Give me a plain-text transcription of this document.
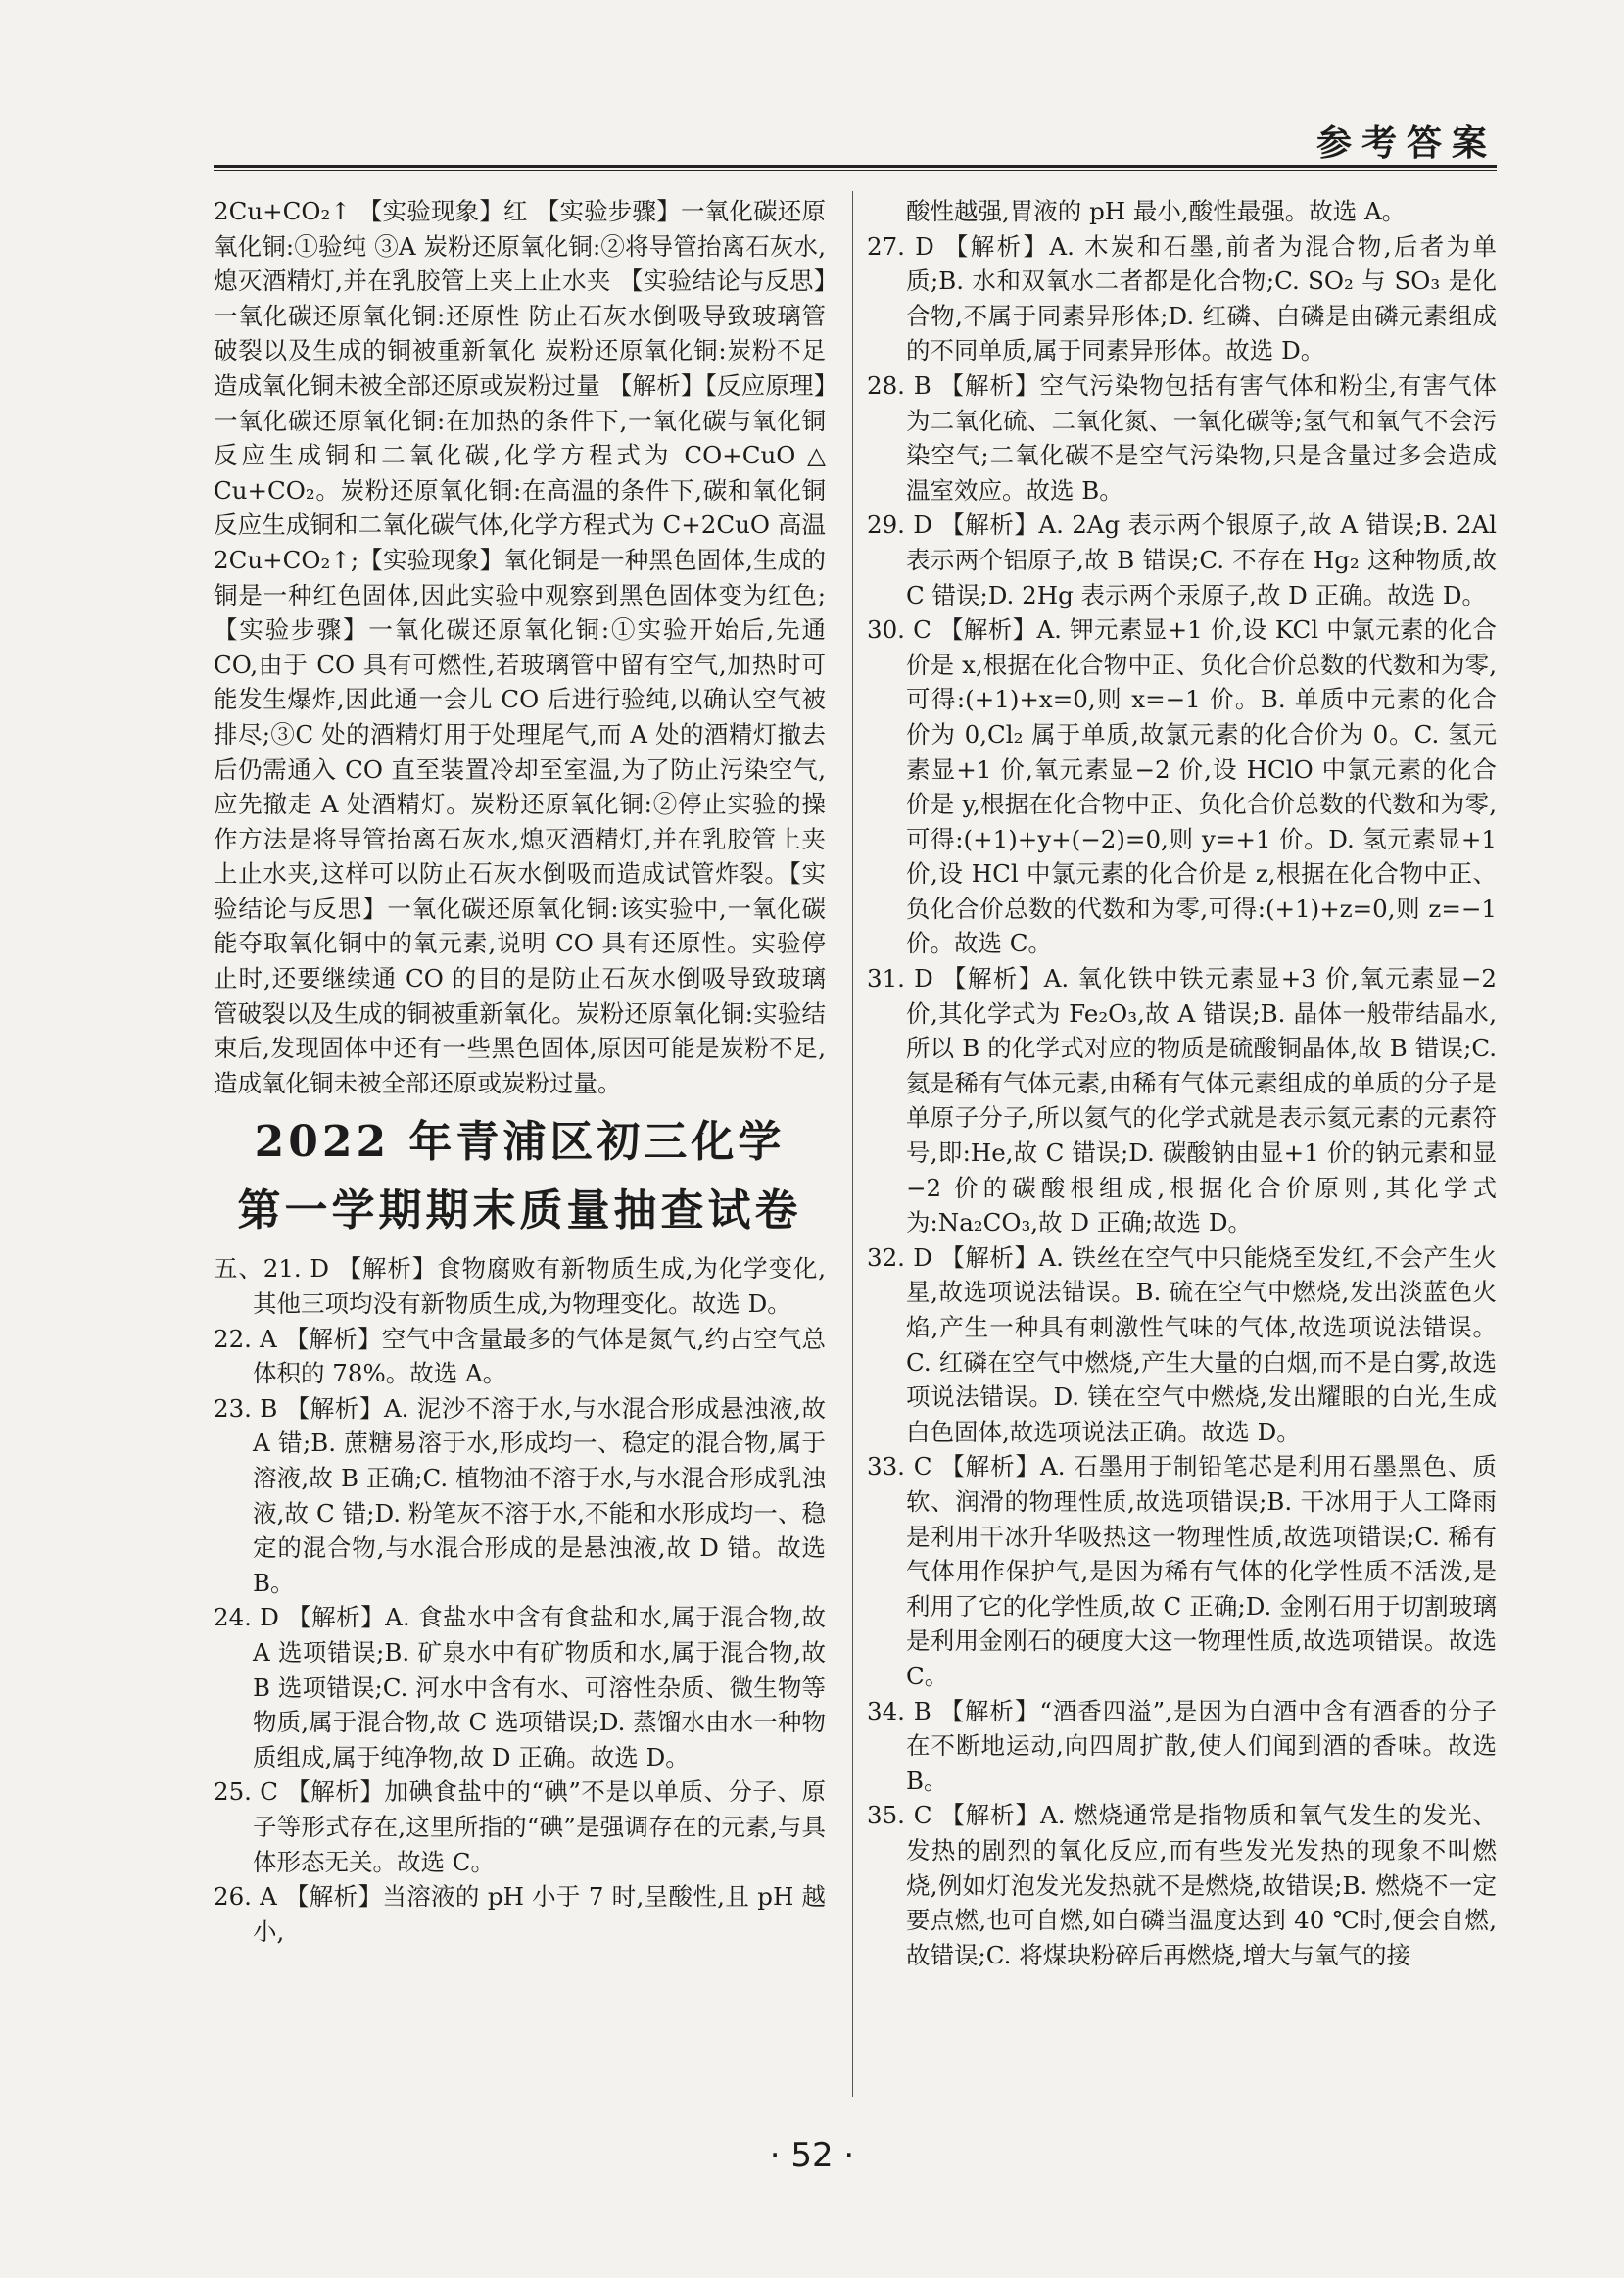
参考答案

2Cu+CO₂↑ 【实验现象】红 【实验步骤】一氧化碳还原氧化铜:①验纯 ③A 炭粉还原氧化铜:②将导管抬离石灰水,熄灭酒精灯,并在乳胶管上夹上止水夹 【实验结论与反思】一氧化碳还原氧化铜:还原性 防止石灰水倒吸导致玻璃管破裂以及生成的铜被重新氧化 炭粉还原氧化铜:炭粉不足造成氧化铜未被全部还原或炭粉过量 【解析】【反应原理】一氧化碳还原氧化铜:在加热的条件下,一氧化碳与氧化铜反应生成铜和二氧化碳,化学方程式为 CO+CuO △ Cu+CO₂。炭粉还原氧化铜:在高温的条件下,碳和氧化铜反应生成铜和二氧化碳气体,化学方程式为 C+2CuO 高温 2Cu+CO₂↑;【实验现象】氧化铜是一种黑色固体,生成的铜是一种红色固体,因此实验中观察到黑色固体变为红色;【实验步骤】一氧化碳还原氧化铜:①实验开始后,先通 CO,由于 CO 具有可燃性,若玻璃管中留有空气,加热时可能发生爆炸,因此通一会儿 CO 后进行验纯,以确认空气被排尽;③C 处的酒精灯用于处理尾气,而 A 处的酒精灯撤去后仍需通入 CO 直至装置冷却至室温,为了防止污染空气,应先撤走 A 处酒精灯。炭粉还原氧化铜:②停止实验的操作方法是将导管抬离石灰水,熄灭酒精灯,并在乳胶管上夹上止水夹,这样可以防止石灰水倒吸而造成试管炸裂。【实验结论与反思】一氧化碳还原氧化铜:该实验中,一氧化碳能夺取氧化铜中的氧元素,说明 CO 具有还原性。实验停止时,还要继续通 CO 的目的是防止石灰水倒吸导致玻璃管破裂以及生成的铜被重新氧化。炭粉还原氧化铜:实验结束后,发现固体中还有一些黑色固体,原因可能是炭粉不足,造成氧化铜未被全部还原或炭粉过量。

2022 年青浦区初三化学
第一学期期末质量抽查试卷

五、21. D 【解析】食物腐败有新物质生成,为化学变化,其他三项均没有新物质生成,为物理变化。故选 D。

22. A 【解析】空气中含量最多的气体是氮气,约占空气总体积的 78%。故选 A。

23. B 【解析】A. 泥沙不溶于水,与水混合形成悬浊液,故 A 错;B. 蔗糖易溶于水,形成均一、稳定的混合物,属于溶液,故 B 正确;C. 植物油不溶于水,与水混合形成乳浊液,故 C 错;D. 粉笔灰不溶于水,不能和水形成均一、稳定的混合物,与水混合形成的是悬浊液,故 D 错。故选 B。

24. D 【解析】A. 食盐水中含有食盐和水,属于混合物,故 A 选项错误;B. 矿泉水中有矿物质和水,属于混合物,故 B 选项错误;C. 河水中含有水、可溶性杂质、微生物等物质,属于混合物,故 C 选项错误;D. 蒸馏水由水一种物质组成,属于纯净物,故 D 正确。故选 D。

25. C 【解析】加碘食盐中的“碘”不是以单质、分子、原子等形式存在,这里所指的“碘”是强调存在的元素,与具体形态无关。故选 C。

26. A 【解析】当溶液的 pH 小于 7 时,呈酸性,且 pH 越小,

酸性越强,胃液的 pH 最小,酸性最强。故选 A。

27. D 【解析】A. 木炭和石墨,前者为混合物,后者为单质;B. 水和双氧水二者都是化合物;C. SO₂ 与 SO₃ 是化合物,不属于同素异形体;D. 红磷、白磷是由磷元素组成的不同单质,属于同素异形体。故选 D。

28. B 【解析】空气污染物包括有害气体和粉尘,有害气体为二氧化硫、二氧化氮、一氧化碳等;氢气和氧气不会污染空气;二氧化碳不是空气污染物,只是含量过多会造成温室效应。故选 B。

29. D 【解析】A. 2Ag 表示两个银原子,故 A 错误;B. 2Al 表示两个铝原子,故 B 错误;C. 不存在 Hg₂ 这种物质,故 C 错误;D. 2Hg 表示两个汞原子,故 D 正确。故选 D。

30. C 【解析】A. 钾元素显+1 价,设 KCl 中氯元素的化合价是 x,根据在化合物中正、负化合价总数的代数和为零,可得:(+1)+x=0,则 x=−1 价。B. 单质中元素的化合价为 0,Cl₂ 属于单质,故氯元素的化合价为 0。C. 氢元素显+1 价,氧元素显−2 价,设 HClO 中氯元素的化合价是 y,根据在化合物中正、负化合价总数的代数和为零,可得:(+1)+y+(−2)=0,则 y=+1 价。D. 氢元素显+1 价,设 HCl 中氯元素的化合价是 z,根据在化合物中正、负化合价总数的代数和为零,可得:(+1)+z=0,则 z=−1 价。故选 C。

31. D 【解析】A. 氧化铁中铁元素显+3 价,氧元素显−2 价,其化学式为 Fe₂O₃,故 A 错误;B. 晶体一般带结晶水,所以 B 的化学式对应的物质是硫酸铜晶体,故 B 错误;C. 氦是稀有气体元素,由稀有气体元素组成的单质的分子是单原子分子,所以氦气的化学式就是表示氦元素的元素符号,即:He,故 C 错误;D. 碳酸钠由显+1 价的钠元素和显−2 价的碳酸根组成,根据化合价原则,其化学式为:Na₂CO₃,故 D 正确;故选 D。

32. D 【解析】A. 铁丝在空气中只能烧至发红,不会产生火星,故选项说法错误。B. 硫在空气中燃烧,发出淡蓝色火焰,产生一种具有刺激性气味的气体,故选项说法错误。C. 红磷在空气中燃烧,产生大量的白烟,而不是白雾,故选项说法错误。D. 镁在空气中燃烧,发出耀眼的白光,生成白色固体,故选项说法正确。故选 D。

33. C 【解析】A. 石墨用于制铅笔芯是利用石墨黑色、质软、润滑的物理性质,故选项错误;B. 干冰用于人工降雨是利用干冰升华吸热这一物理性质,故选项错误;C. 稀有气体用作保护气,是因为稀有气体的化学性质不活泼,是利用了它的化学性质,故 C 正确;D. 金刚石用于切割玻璃是利用金刚石的硬度大这一物理性质,故选项错误。故选 C。

34. B 【解析】“酒香四溢”,是因为白酒中含有酒香的分子在不断地运动,向四周扩散,使人们闻到酒的香味。故选 B。

35. C 【解析】A. 燃烧通常是指物质和氧气发生的发光、发热的剧烈的氧化反应,而有些发光发热的现象不叫燃烧,例如灯泡发光发热就不是燃烧,故错误;B. 燃烧不一定要点燃,也可自燃,如白磷当温度达到 40 ℃时,便会自燃,故错误;C. 将煤块粉碎后再燃烧,增大与氧气的接

· 52 ·
